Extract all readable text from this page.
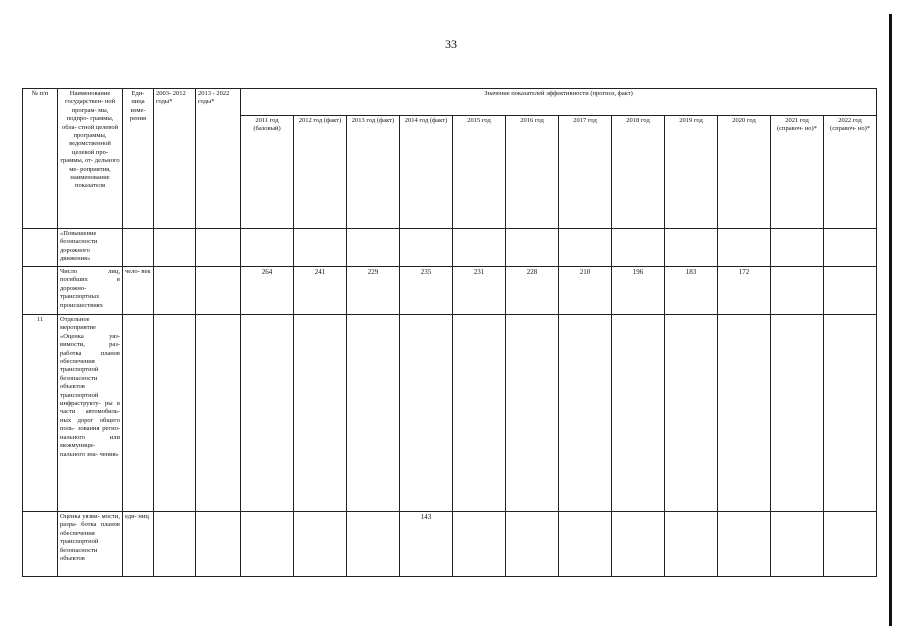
33
№ п/п	Наименование государствен- ной програм- мы, подпро- граммы, обла- стной целевой программы, ведомственной целевой про- граммы, от- дельного ме- роприятия, наименование показателя	Еди- ница изме- рения	2003- 2012 годы*	2013 - 2022 годы*	Значение показателей эффективности (прогноз, факт)											
					2011 год (базовый)	2012 год (факт)	2013 год (факт)	2014 год (факт)	2015 год	2016 год	2017 год	2018 год	2019 год	2020 год	2021 год (справоч- но)*	2022 год (справоч- но)*
	«Повышение безопасности дорожного движения»															
	Число лиц, погибших в дорожно- транспортных происшествиях	чело- век			264	241	229	235	231	228	210	196	183	172		
11	Отдельное мероприятие «Оценка уяз- вимости, раз- работка планов обеспечения транспортной безопасности объектов транспортной инфраструкту- ры в части автомобиль- ных дорог общего поль- зования регио- нального или межмуници- пального зна- чения»															
	Оценка уязви- мости, разра- ботка планов обеспечения транспортной безопасности объектов	еди- ниц						143								
